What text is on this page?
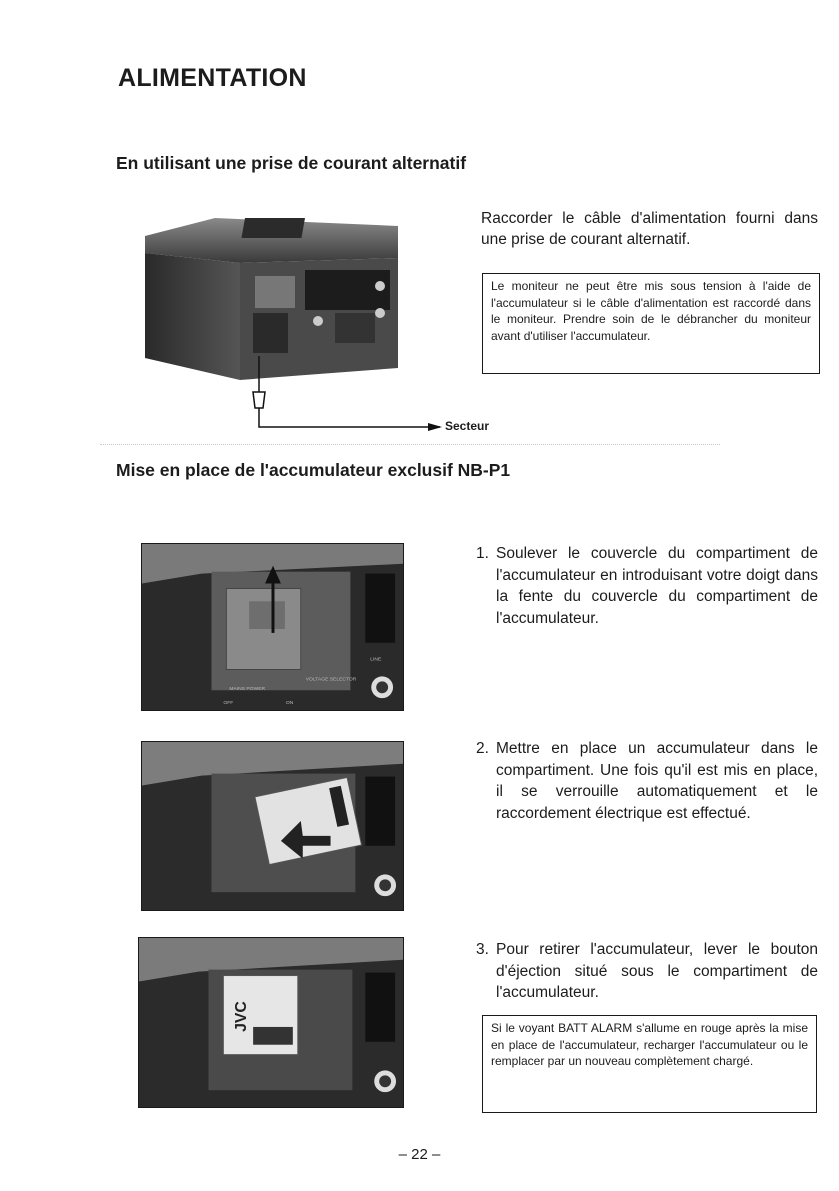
ALIMENTATION
En utilisant une prise de courant alternatif
Secteur
Raccorder le câble d'alimentation fourni dans une prise de courant alternatif.
Le moniteur ne peut être mis sous tension à l'aide de l'accumulateur si le câble d'alimentation est raccordé dans le moniteur. Prendre soin de le débrancher du moniteur avant d'utiliser l'accumulateur.
Mise en place de l'accumulateur exclusif NB-P1
MAINS POWER
VOLTAGE SELECTOR
LINE
OFF	ON
1. Soulever le couvercle du compartiment de l'accumulateur en introduisant votre doigt dans la fente du couvercle du compartiment de l'accumulateur.
2. Mettre en place un accumulateur dans le compartiment. Une fois qu'il est mis en place, il se verrouille automatiquement et le raccordement électrique est effectué.
JVC
3. Pour retirer l'accumulateur, lever le bouton d'éjection situé sous le compartiment de l'accumulateur.
Si le voyant BATT ALARM s'allume en rouge après la mise en place de l'accumulateur, recharger l'accumulateur ou le remplacer par un nouveau complètement chargé.
– 22 –
